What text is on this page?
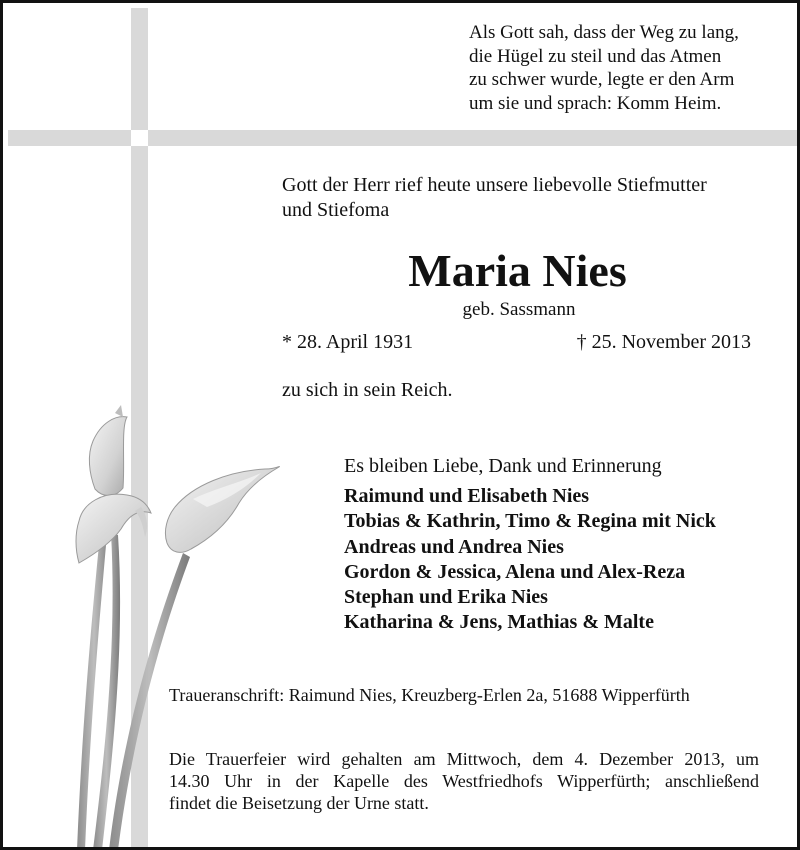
Als Gott sah, dass der Weg zu lang,
die Hügel zu steil und das Atmen
zu schwer wurde, legte er den Arm
um sie und sprach: Komm Heim.
Gott der Herr rief heute unsere liebevolle Stiefmutter
und Stiefoma
Maria Nies
geb. Sassmann
* 28. April 1931	† 25. November 2013
zu sich in sein Reich.
Es bleiben Liebe, Dank und Erinnerung
Raimund und Elisabeth Nies
Tobias & Kathrin, Timo & Regina mit Nick
Andreas und Andrea Nies
Gordon & Jessica, Alena und Alex-Reza
Stephan und Erika Nies
Katharina & Jens, Mathias & Malte
Traueranschrift: Raimund Nies, Kreuzberg-Erlen 2a, 51688 Wipperfürth
Die Trauerfeier wird gehalten am Mittwoch, dem 4. Dezember 2013, um
14.30 Uhr in der Kapelle des Westfriedhofs Wipperfürth; anschließend
findet die Beisetzung der Urne statt.
